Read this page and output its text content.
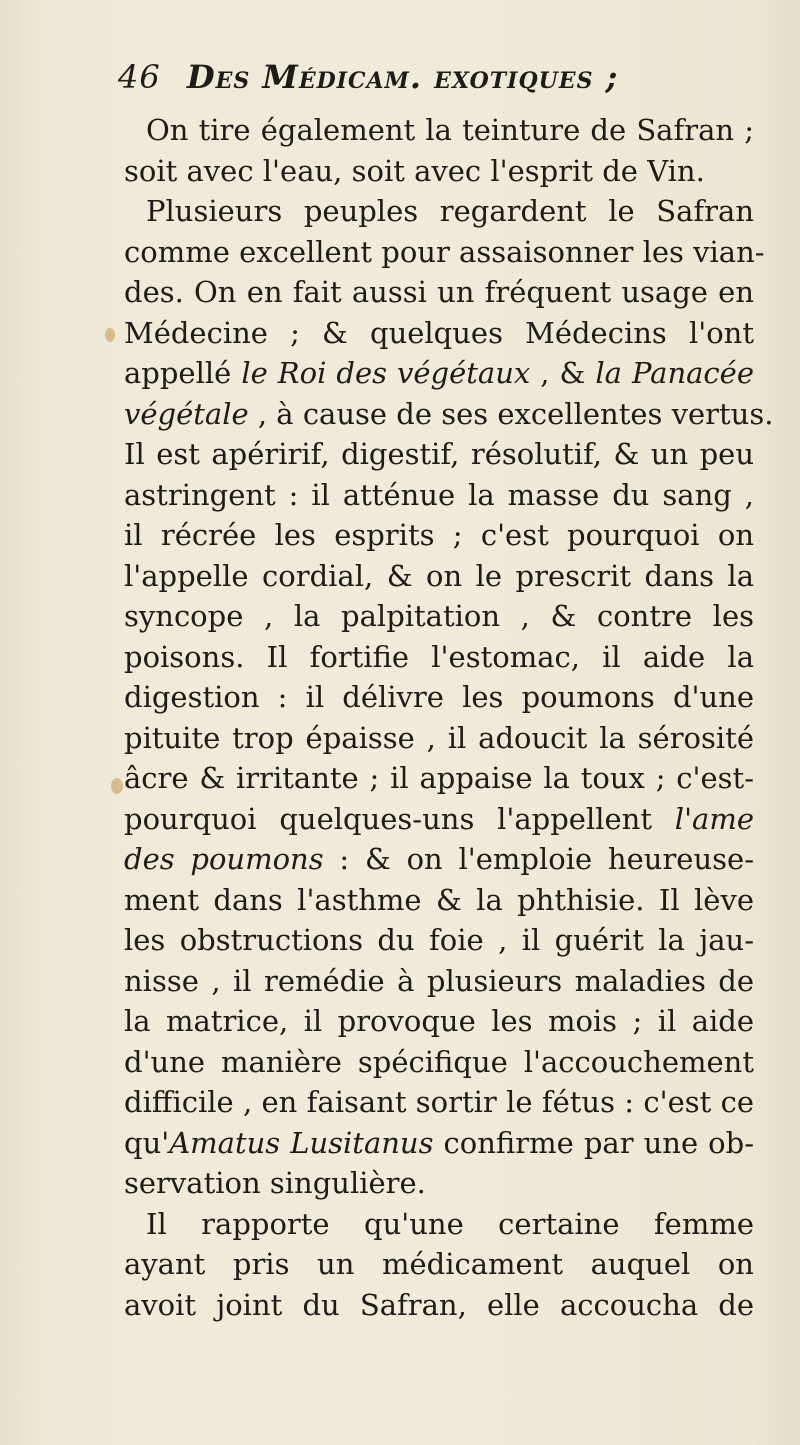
46 Des Médicam. exotiques ;
On tire également la teinture de Safran ;
soit avec l'eau, soit avec l'esprit de Vin.
Plusieurs peuples regardent le Safran
comme excellent pour assaisonner les vian-
des. On en fait aussi un fréquent usage en
Médecine ; & quelques Médecins l'ont
appellé le Roi des végétaux , & la Panacée
végétale , à cause de ses excellentes vertus.
Il est apéririf, digestif, résolutif, & un peu
astringent : il atténue la masse du sang ,
il récrée les esprits ; c'est pourquoi on
l'appelle cordial, & on le prescrit dans la
syncope , la palpitation , & contre les
poisons. Il fortifie l'estomac, il aide la
digestion : il délivre les poumons d'une
pituite trop épaisse , il adoucit la sérosité
âcre & irritante ; il appaise la toux ; c'est-
pourquoi quelques-uns l'appellent l'ame
des poumons : & on l'emploie heureuse-
ment dans l'asthme & la phthisie. Il lève
les obstructions du foie , il guérit la jau-
nisse , il remédie à plusieurs maladies de
la matrice, il provoque les mois ; il aide
d'une manière spécifique l'accouchement
difficile , en faisant sortir le fétus : c'est ce
qu'Amatus Lusitanus confirme par une ob-
servation singulière.
Il rapporte qu'une certaine femme
ayant pris un médicament auquel on
avoit joint du Safran, elle accoucha de
